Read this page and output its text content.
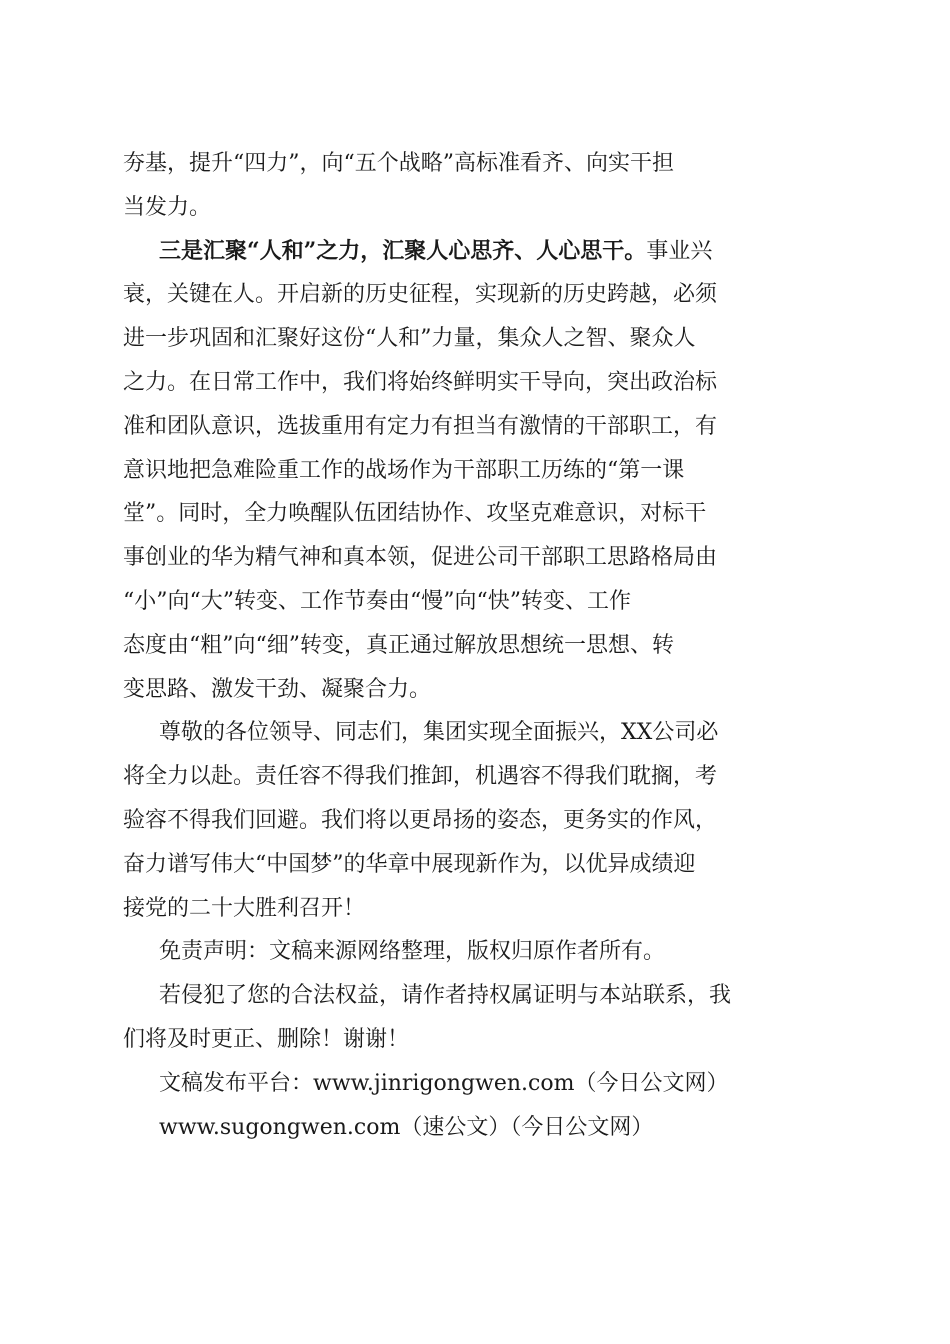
夯基，提升“四力”，向“五个战略”高标准看齐、向实干担
当发力。
三是汇聚“人和”之力，汇聚人心思齐、人心思干。事业兴
衰，关键在人。开启新的历史征程，实现新的历史跨越，必须
进一步巩固和汇聚好这份“人和”力量，集众人之智、聚众人
之力。在日常工作中，我们将始终鲜明实干导向，突出政治标
准和团队意识，选拔重用有定力有担当有激情的干部职工，有
意识地把急难险重工作的战场作为干部职工历练的“第一课
堂”。同时，全力唤醒队伍团结协作、攻坚克难意识，对标干
事创业的华为精气神和真本领，促进公司干部职工思路格局由
“小”向“大”转变、工作节奏由“慢”向“快”转变、工作
态度由“粗”向“细”转变，真正通过解放思想统一思想、转
变思路、激发干劲、凝聚合力。
尊敬的各位领导、同志们，集团实现全面振兴，XX公司必
将全力以赴。责任容不得我们推卸，机遇容不得我们耽搁，考
验容不得我们回避。我们将以更昂扬的姿态，更务实的作风，
奋力谱写伟大“中国梦”的华章中展现新作为，以优异成绩迎
接党的二十大胜利召开！
免责声明：文稿来源网络整理，版权归原作者所有。
若侵犯了您的合法权益，请作者持权属证明与本站联系，我
们将及时更正、删除！谢谢！
文稿发布平台：www.jinrigongwen.com（今日公文网）
www.sugongwen.com（速公文）（今日公文网）
